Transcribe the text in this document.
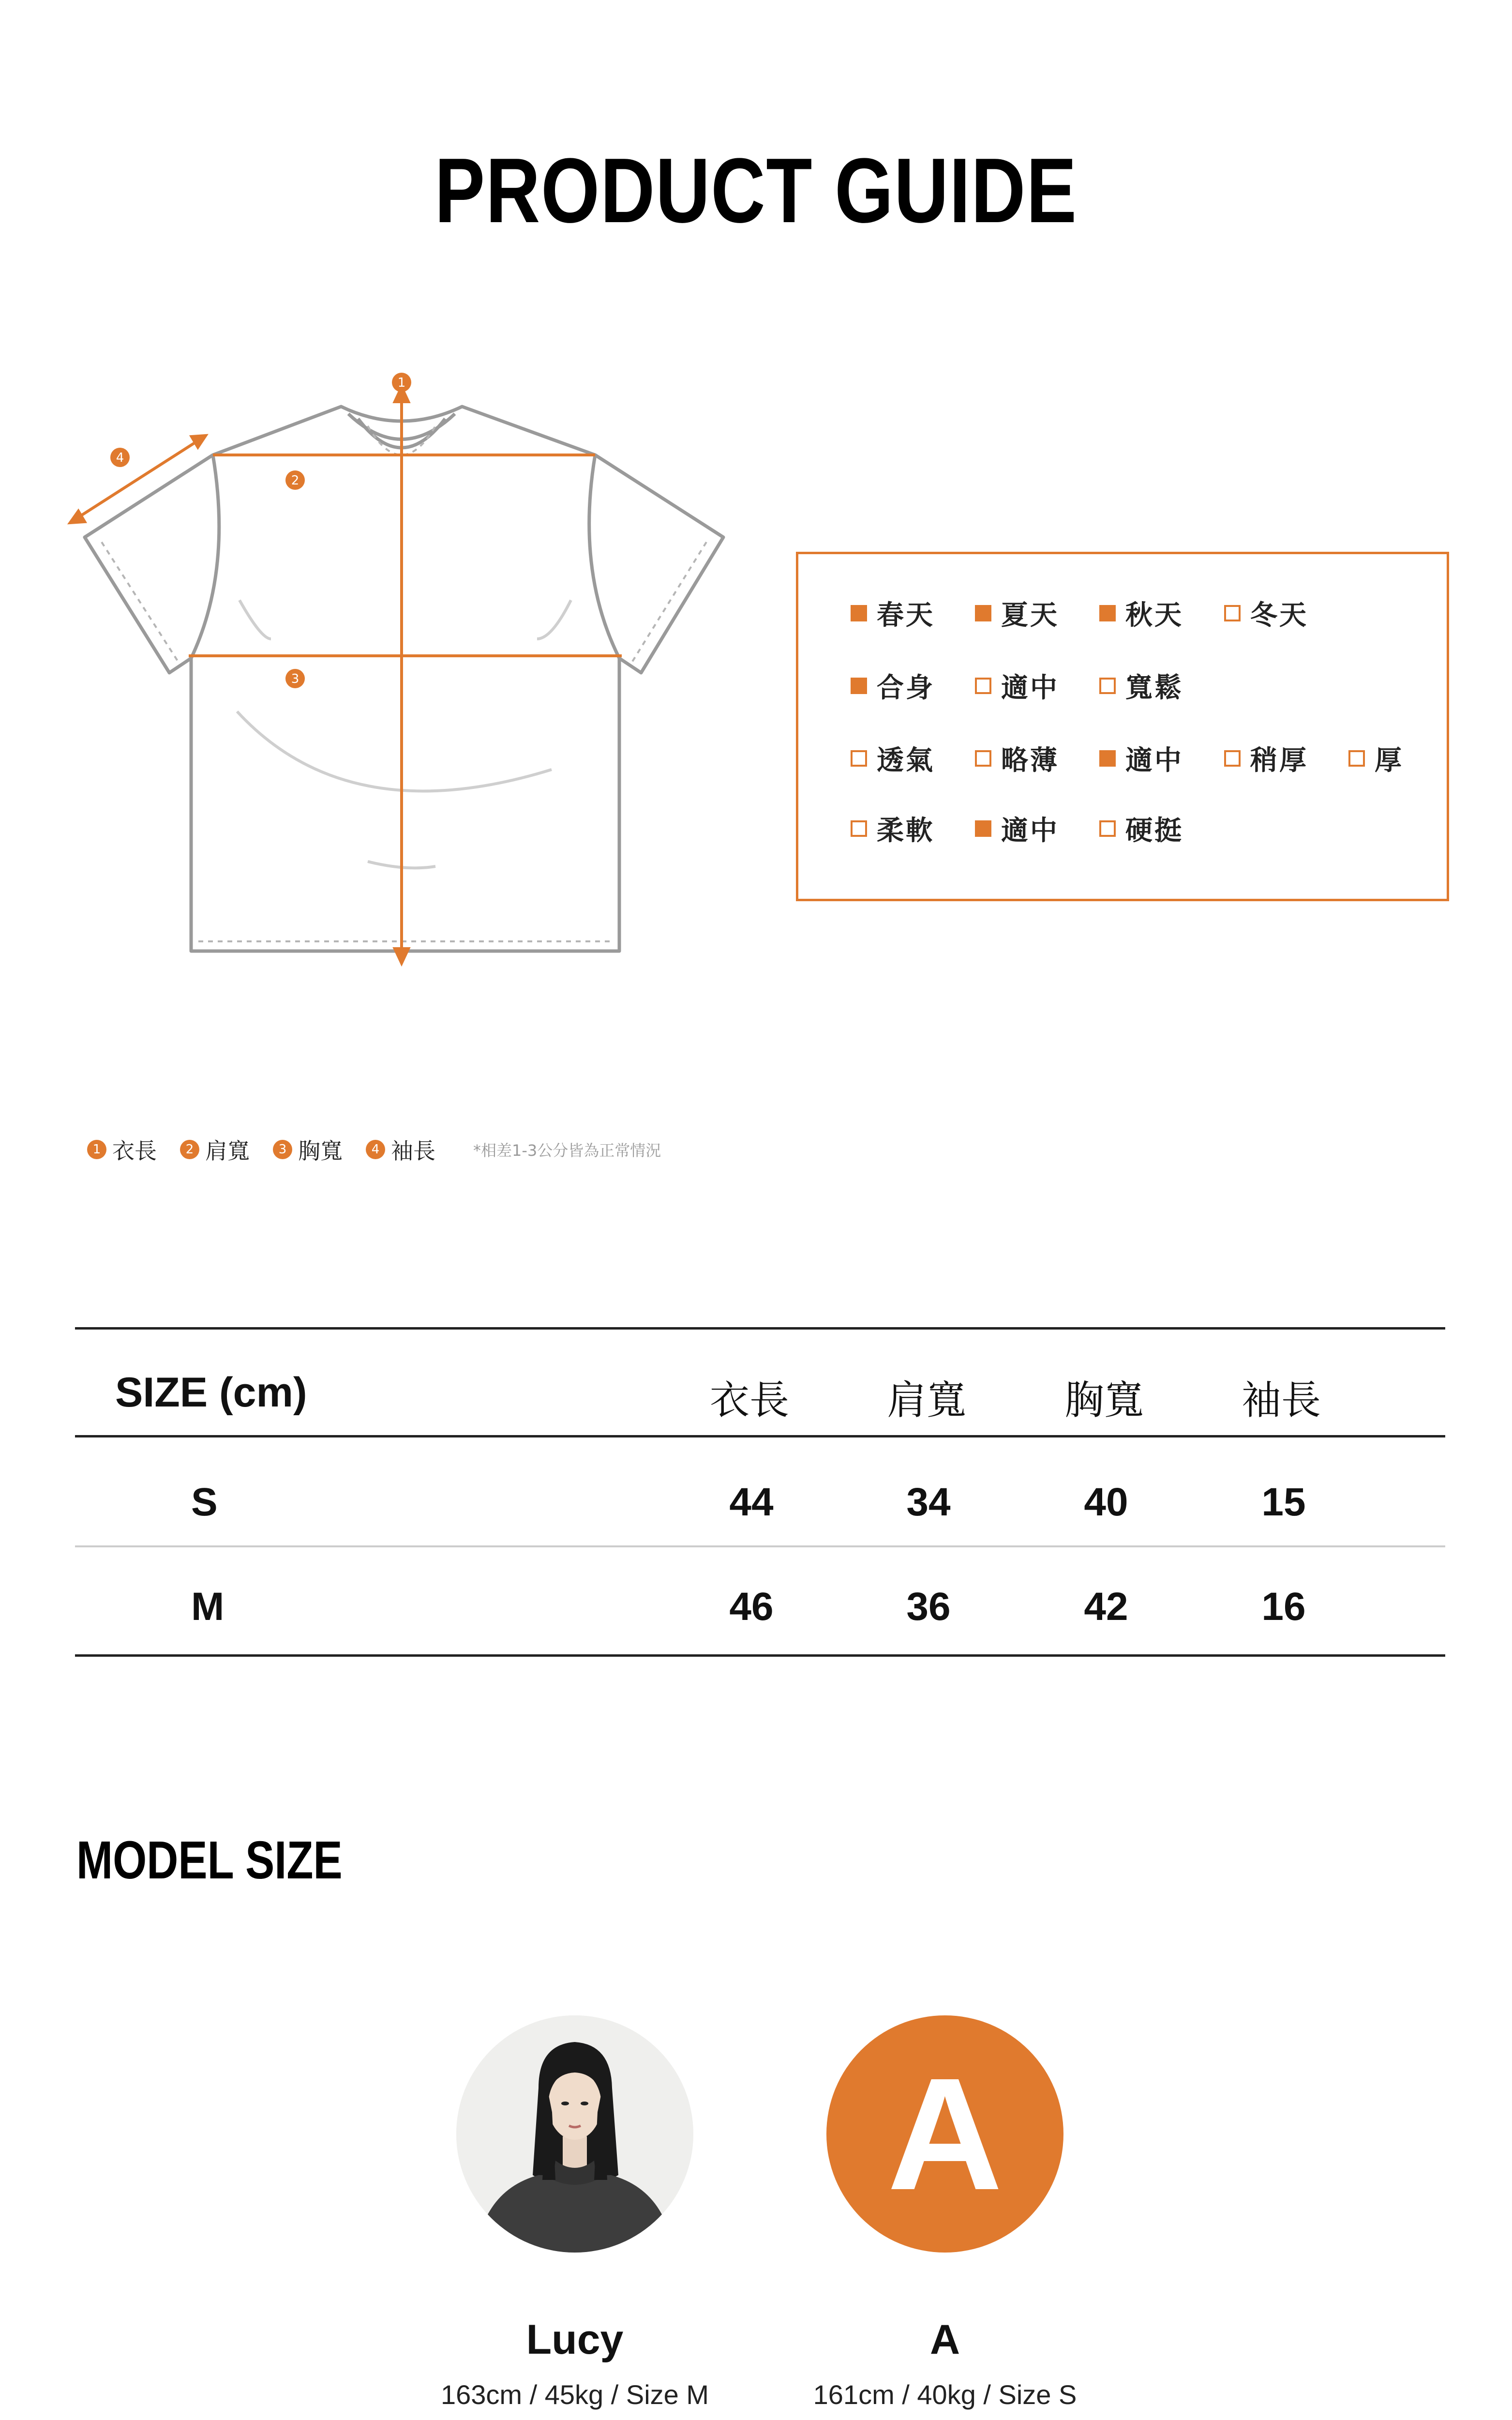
PRODUCT GUIDE
1
2
3
4
春天 夏天 秋天 冬天
合身 適中 寬鬆
透氣 略薄 適中 稍厚 厚
柔軟 適中 硬挺
1 衣長	2 肩寬	3 胸寬	4 袖長 *相差1-3公分皆為正常情況
SIZE (cm)	衣長 肩寬 胸寬 袖長
S	44	34	40	15
M	46	36	42	16
MODEL SIZE
Lucy
163cm / 45kg / Size M
A
A
161cm / 40kg / Size S
